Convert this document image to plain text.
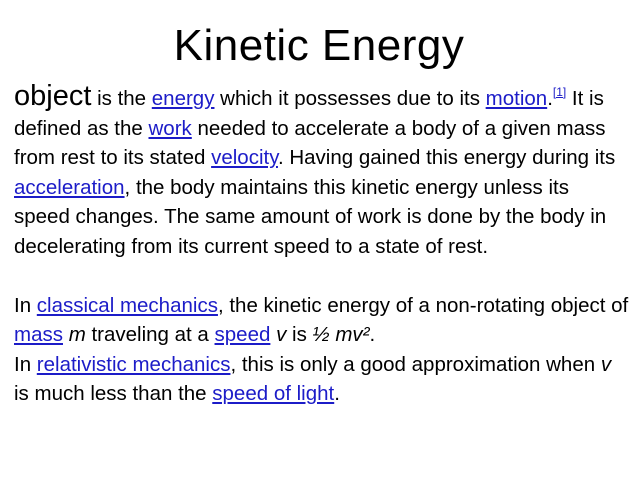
Kinetic Energy

object is the energy which it possesses due to its motion.[1] It is defined as the work needed to accelerate a body of a given mass from rest to its stated velocity. Having gained this energy during its acceleration, the body maintains this kinetic energy unless its speed changes. The same amount of work is done by the body in decelerating from its current speed to a state of rest.

In classical mechanics, the kinetic energy of a non-rotating object of mass m traveling at a speed v is ½ mv².

In relativistic mechanics, this is only a good approximation when v is much less than the speed of light.
